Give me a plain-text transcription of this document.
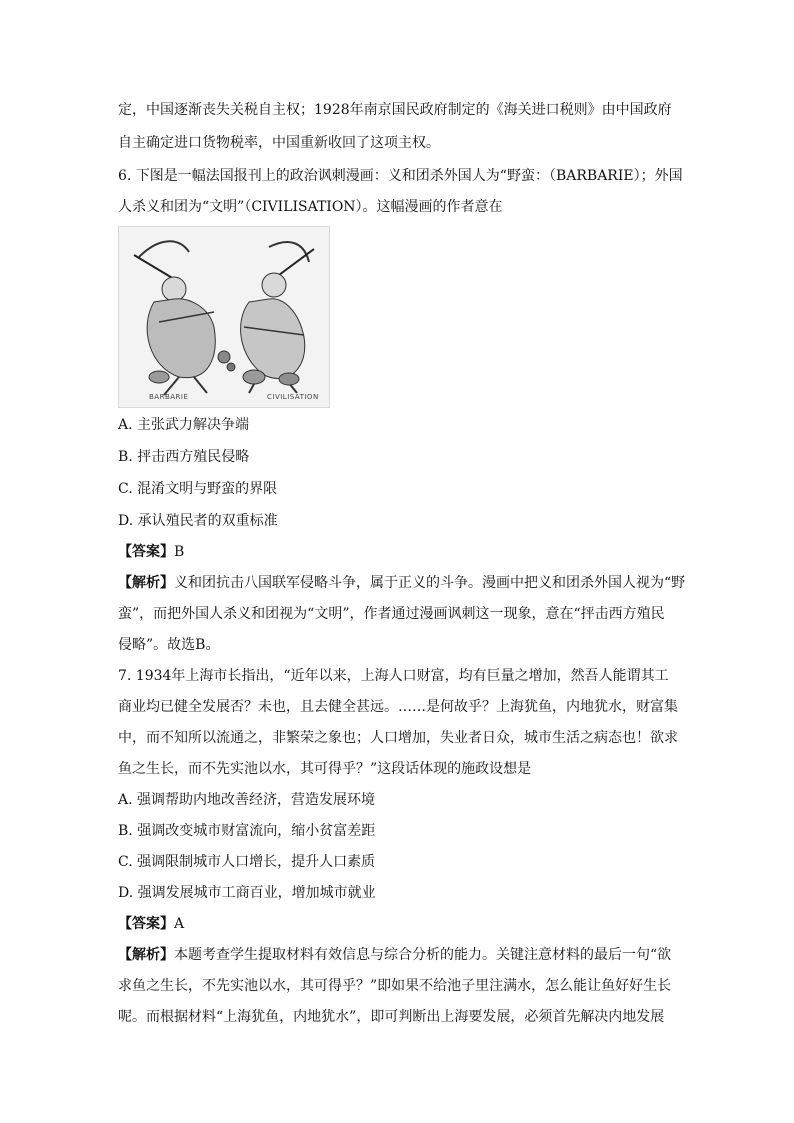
定，中国逐渐丧失关税自主权；1928年南京国民政府制定的《海关进口税则》由中国政府
自主确定进口货物税率，中国重新收回了这项主权。
6. 下图是一幅法国报刊上的政治讽刺漫画：义和团杀外国人为“野蛮：（BARBARIE）；外国
人杀义和团为“文明”（CIVILISATION）。这幅漫画的作者意在
BARBARIE	CIVILISATION
A. 主张武力解决争端
B. 抨击西方殖民侵略
C. 混淆文明与野蛮的界限
D. 承认殖民者的双重标准
【答案】B
【解析】义和团抗击八国联军侵略斗争，属于正义的斗争。漫画中把义和团杀外国人视为“野
蛮”，而把外国人杀义和团视为“文明”，作者通过漫画讽刺这一现象，意在“抨击西方殖民
侵略”。故选B。
7. 1934年上海市长指出，“近年以来，上海人口财富，均有巨量之增加，然吾人能谓其工
商业均已健全发展否？未也，且去健全甚远。……是何故乎？上海犹鱼，内地犹水，财富集
中，而不知所以流通之，非繁荣之象也；人口增加，失业者日众，城市生活之病态也！欲求
鱼之生长，而不先实池以水，其可得乎？”这段话体现的施政设想是
A. 强调帮助内地改善经济，营造发展环境
B. 强调改变城市财富流向，缩小贫富差距
C. 强调限制城市人口增长，提升人口素质
D. 强调发展城市工商百业，增加城市就业
【答案】A
【解析】本题考查学生提取材料有效信息与综合分析的能力。关键注意材料的最后一句“欲
求鱼之生长，不先实池以水，其可得乎？”即如果不给池子里注满水，怎么能让鱼好好生长
呢。而根据材料“上海犹鱼，内地犹水”，即可判断出上海要发展，必须首先解决内地发展
